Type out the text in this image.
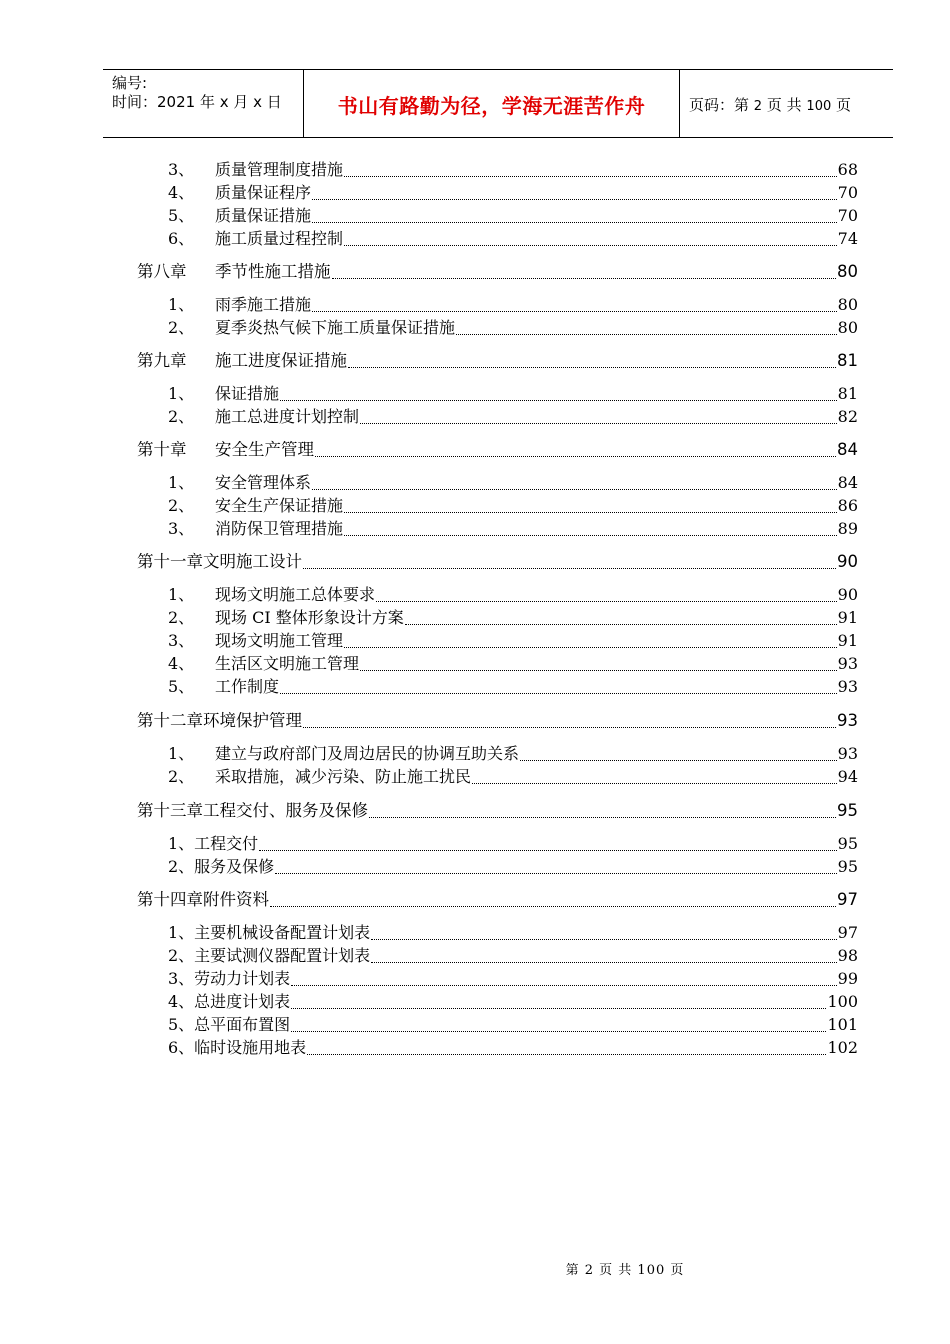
编号:
时间：2021 年 x 月 x 日	书山有路勤为径，学海无涯苦作舟	页码：第 2 页 共 100 页
3、 质量管理制度措施	68
4、 质量保证程序	70
5、 质量保证措施	70
6、 施工质量过程控制	74
第八章 季节性施工措施	80
1、 雨季施工措施	80
2、 夏季炎热气候下施工质量保证措施	80
第九章 施工进度保证措施	81
1、 保证措施	81
2、 施工总进度计划控制	82
第十章 安全生产管理	84
1、 安全管理体系	84
2、 安全生产保证措施	86
3、 消防保卫管理措施	89
第十一章文明施工设计	90
1、 现场文明施工总体要求	90
2、 现场 CI 整体形象设计方案	91
3、 现场文明施工管理	91
4、 生活区文明施工管理	93
5、 工作制度	93
第十二章环境保护管理	93
1、 建立与政府部门及周边居民的协调互助关系	93
2、 采取措施，减少污染、防止施工扰民	94
第十三章工程交付、服务及保修	95
1、工程交付	95
2、服务及保修	95
第十四章附件资料	97
1、主要机械设备配置计划表	97
2、主要试测仪器配置计划表	98
3、劳动力计划表	99
4、总进度计划表	100
5、总平面布置图	101
6、临时设施用地表	102
第 2 页 共 100 页
